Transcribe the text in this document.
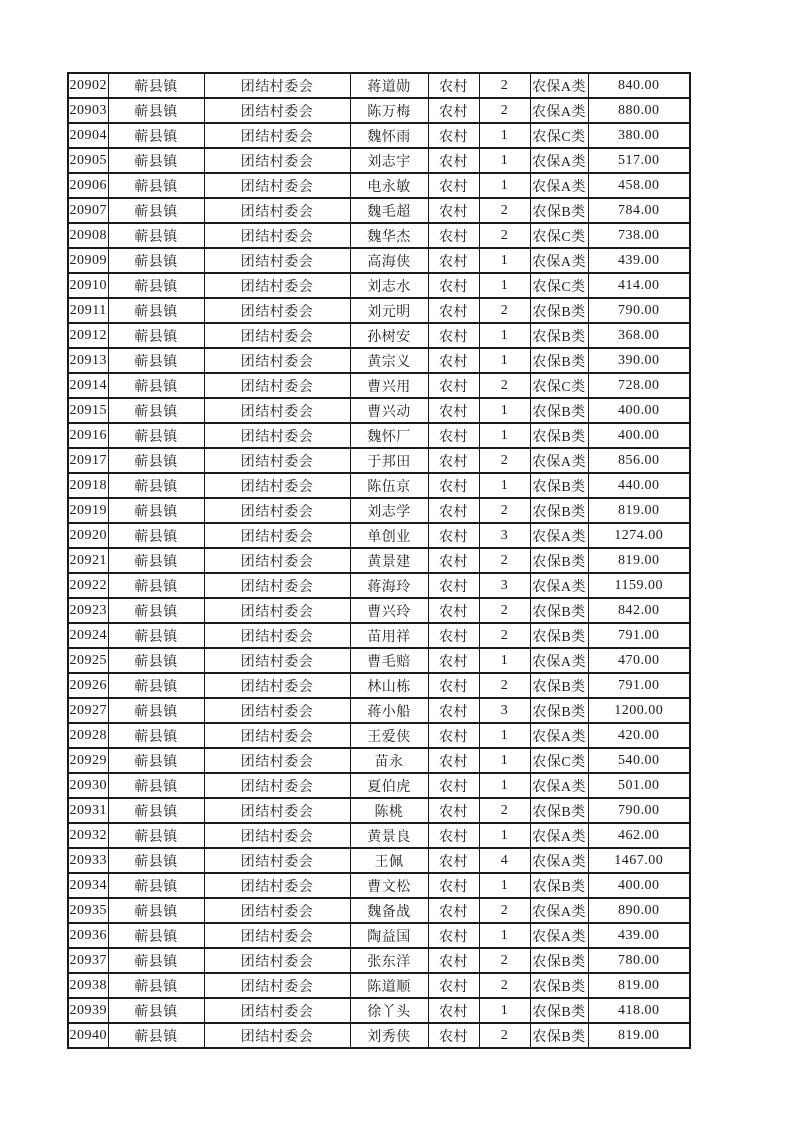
20902	蕲县镇	团结村委会	蒋道勋	农村	2	农保A类	840.00
20903	蕲县镇	团结村委会	陈万梅	农村	2	农保A类	880.00
20904	蕲县镇	团结村委会	魏怀雨	农村	1	农保C类	380.00
20905	蕲县镇	团结村委会	刘志宇	农村	1	农保A类	517.00
20906	蕲县镇	团结村委会	电永敏	农村	1	农保A类	458.00
20907	蕲县镇	团结村委会	魏毛超	农村	2	农保B类	784.00
20908	蕲县镇	团结村委会	魏华杰	农村	2	农保C类	738.00
20909	蕲县镇	团结村委会	高海侠	农村	1	农保A类	439.00
20910	蕲县镇	团结村委会	刘志水	农村	1	农保C类	414.00
20911	蕲县镇	团结村委会	刘元明	农村	2	农保B类	790.00
20912	蕲县镇	团结村委会	孙树安	农村	1	农保B类	368.00
20913	蕲县镇	团结村委会	黄宗义	农村	1	农保B类	390.00
20914	蕲县镇	团结村委会	曹兴用	农村	2	农保C类	728.00
20915	蕲县镇	团结村委会	曹兴动	农村	1	农保B类	400.00
20916	蕲县镇	团结村委会	魏怀厂	农村	1	农保B类	400.00
20917	蕲县镇	团结村委会	于邦田	农村	2	农保A类	856.00
20918	蕲县镇	团结村委会	陈伍京	农村	1	农保B类	440.00
20919	蕲县镇	团结村委会	刘志学	农村	2	农保B类	819.00
20920	蕲县镇	团结村委会	单创业	农村	3	农保A类	1274.00
20921	蕲县镇	团结村委会	黄景建	农村	2	农保B类	819.00
20922	蕲县镇	团结村委会	蒋海玲	农村	3	农保A类	1159.00
20923	蕲县镇	团结村委会	曹兴玲	农村	2	农保B类	842.00
20924	蕲县镇	团结村委会	苗用祥	农村	2	农保B类	791.00
20925	蕲县镇	团结村委会	曹毛赔	农村	1	农保A类	470.00
20926	蕲县镇	团结村委会	林山栋	农村	2	农保B类	791.00
20927	蕲县镇	团结村委会	蒋小船	农村	3	农保B类	1200.00
20928	蕲县镇	团结村委会	王爱侠	农村	1	农保A类	420.00
20929	蕲县镇	团结村委会	苗永	农村	1	农保C类	540.00
20930	蕲县镇	团结村委会	夏伯虎	农村	1	农保A类	501.00
20931	蕲县镇	团结村委会	陈桃	农村	2	农保B类	790.00
20932	蕲县镇	团结村委会	黄景良	农村	1	农保A类	462.00
20933	蕲县镇	团结村委会	王佩	农村	4	农保A类	1467.00
20934	蕲县镇	团结村委会	曹文松	农村	1	农保B类	400.00
20935	蕲县镇	团结村委会	魏备战	农村	2	农保A类	890.00
20936	蕲县镇	团结村委会	陶益国	农村	1	农保A类	439.00
20937	蕲县镇	团结村委会	张东洋	农村	2	农保B类	780.00
20938	蕲县镇	团结村委会	陈道顺	农村	2	农保B类	819.00
20939	蕲县镇	团结村委会	徐丫头	农村	1	农保B类	418.00
20940	蕲县镇	团结村委会	刘秀侠	农村	2	农保B类	819.00
